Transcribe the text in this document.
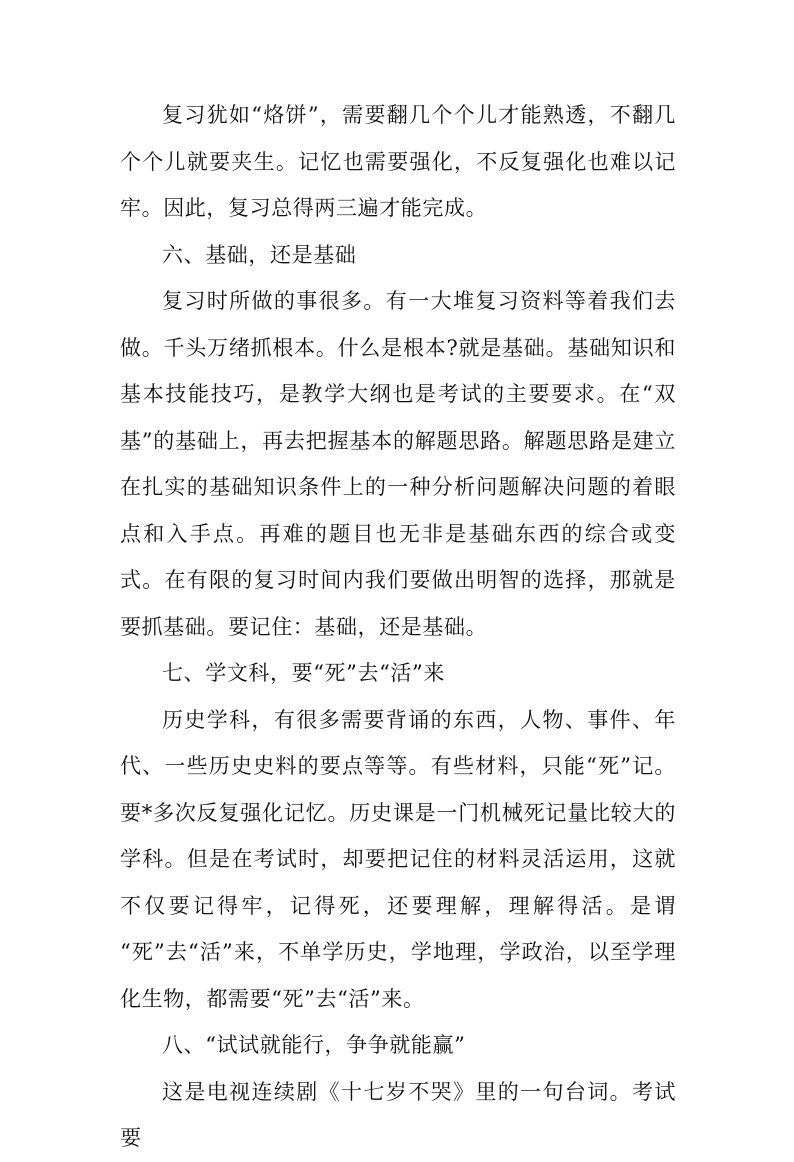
复习犹如“烙饼”，需要翻几个个儿才能熟透，不翻几个个儿就要夹生。记忆也需要强化，不反复强化也难以记牢。因此，复习总得两三遍才能完成。

六、基础，还是基础

复习时所做的事很多。有一大堆复习资料等着我们去做。千头万绪抓根本。什么是根本?就是基础。基础知识和基本技能技巧，是教学大纲也是考试的主要要求。在“双基”的基础上，再去把握基本的解题思路。解题思路是建立在扎实的基础知识条件上的一种分析问题解决问题的着眼点和入手点。再难的题目也无非是基础东西的综合或变式。在有限的复习时间内我们要做出明智的选择，那就是要抓基础。要记住：基础，还是基础。

七、学文科，要“死”去“活”来

历史学科，有很多需要背诵的东西，人物、事件、年代、一些历史史料的要点等等。有些材料，只能“死”记。要*多次反复强化记忆。历史课是一门机械死记量比较大的学科。但是在考试时，却要把记住的材料灵活运用，这就不仅要记得牢，记得死，还要理解，理解得活。是谓 “死”去“活”来，不单学历史，学地理，学政治，以至学理化生物，都需要“死”去“活”来。

八、“试试就能行，争争就能赢”

这是电视连续剧《十七岁不哭》里的一句台词。考试要
